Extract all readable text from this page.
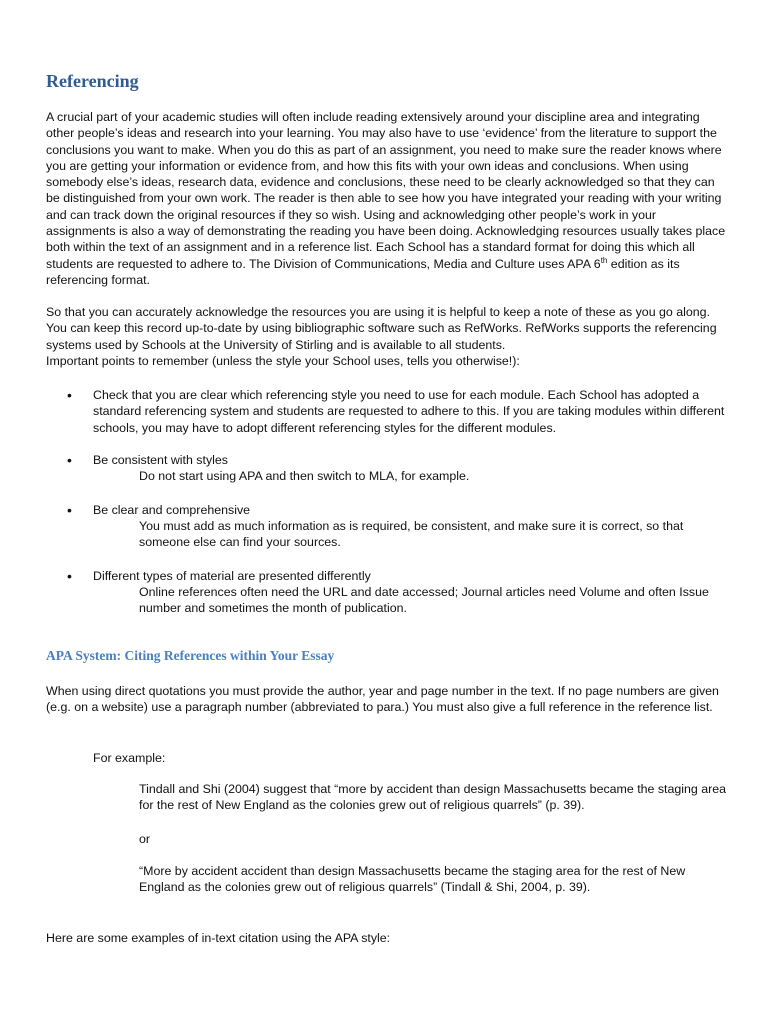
Referencing

A crucial part of your academic studies will often include reading extensively around your discipline area and integrating other people’s ideas and research into your learning. You may also have to use ‘evidence’ from the literature to support the conclusions you want to make. When you do this as part of an assignment, you need to make sure the reader knows where you are getting your information or evidence from, and how this fits with your own ideas and conclusions. When using somebody else’s ideas, research data, evidence and conclusions, these need to be clearly acknowledged so that they can be distinguished from your own work. The reader is then able to see how you have integrated your reading with your writing and can track down the original resources if they so wish. Using and acknowledging other people’s work in your assignments is also a way of demonstrating the reading you have been doing. Acknowledging resources usually takes place both within the text of an assignment and in a reference list. Each School has a standard format for doing this which all students are requested to adhere to. The Division of Communications, Media and Culture uses APA 6th edition as its referencing format.

So that you can accurately acknowledge the resources you are using it is helpful to keep a note of these as you go along. You can keep this record up-to-date by using bibliographic software such as RefWorks. RefWorks supports the referencing systems used by Schools at the University of Stirling and is available to all students.

Important points to remember (unless the style your School uses, tells you otherwise!):

• Check that you are clear which referencing style you need to use for each module. Each School has adopted a standard referencing system and students are requested to adhere to this. If you are taking modules within different schools, you may have to adopt different referencing styles for the different modules.

• Be consistent with styles

Do not start using APA and then switch to MLA, for example.

• Be clear and comprehensive

You must add as much information as is required, be consistent, and make sure it is correct, so that someone else can find your sources.

• Different types of material are presented differently

Online references often need the URL and date accessed; Journal articles need Volume and often Issue number and sometimes the month of publication.

APA System: Citing References within Your Essay

When using direct quotations you must provide the author, year and page number in the text. If no page numbers are given (e.g. on a website) use a paragraph number (abbreviated to para.) You must also give a full reference in the reference list.

For example:

Tindall and Shi (2004) suggest that “more by accident than design Massachusetts became the staging area for the rest of New England as the colonies grew out of religious quarrels” (p. 39).

or

“More by accident accident than design Massachusetts became the staging area for the rest of New England as the colonies grew out of religious quarrels” (Tindall & Shi, 2004, p. 39).

Here are some examples of in-text citation using the APA style:
